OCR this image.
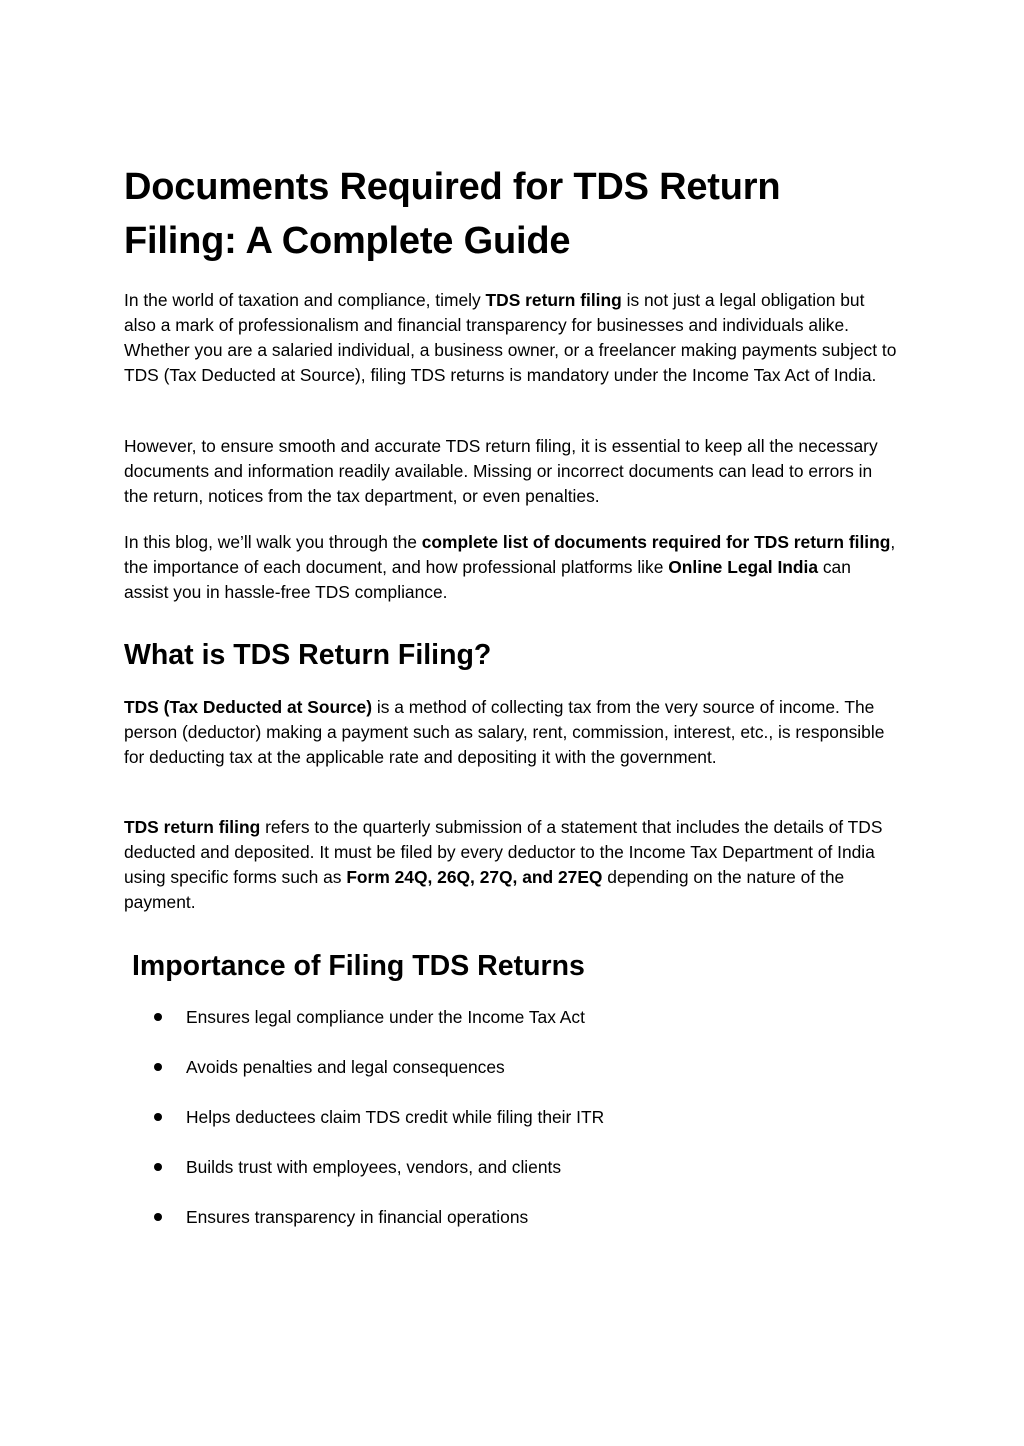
Documents Required for TDS Return Filing: A Complete Guide

In the world of taxation and compliance, timely TDS return filing is not just a legal obligation but also a mark of professionalism and financial transparency for businesses and individuals alike. Whether you are a salaried individual, a business owner, or a freelancer making payments subject to TDS (Tax Deducted at Source), filing TDS returns is mandatory under the Income Tax Act of India.

However, to ensure smooth and accurate TDS return filing, it is essential to keep all the necessary documents and information readily available. Missing or incorrect documents can lead to errors in the return, notices from the tax department, or even penalties.

In this blog, we’ll walk you through the complete list of documents required for TDS return filing, the importance of each document, and how professional platforms like Online Legal India can assist you in hassle-free TDS compliance.

What is TDS Return Filing?

TDS (Tax Deducted at Source) is a method of collecting tax from the very source of income. The person (deductor) making a payment such as salary, rent, commission, interest, etc., is responsible for deducting tax at the applicable rate and depositing it with the government.

TDS return filing refers to the quarterly submission of a statement that includes the details of TDS deducted and deposited. It must be filed by every deductor to the Income Tax Department of India using specific forms such as Form 24Q, 26Q, 27Q, and 27EQ depending on the nature of the payment.

Importance of Filing TDS Returns
Ensures legal compliance under the Income Tax Act
Avoids penalties and legal consequences
Helps deductees claim TDS credit while filing their ITR
Builds trust with employees, vendors, and clients
Ensures transparency in financial operations
